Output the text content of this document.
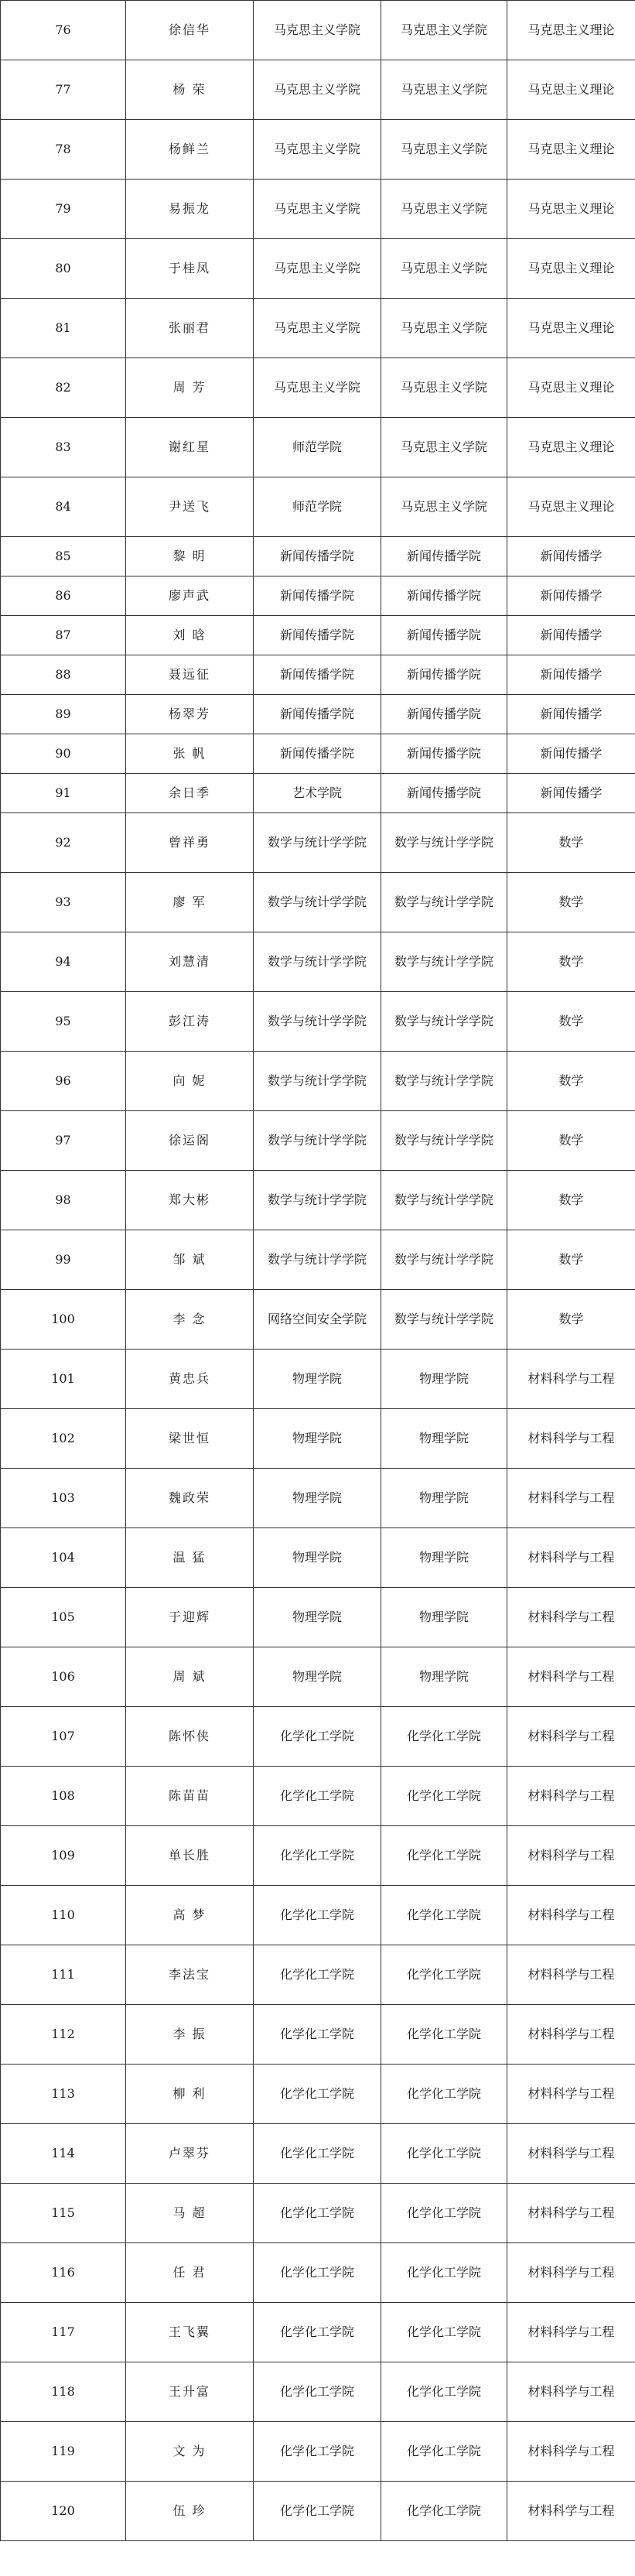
76	徐信华	马克思主义学院	马克思主义学院	马克思主义理论
77	杨 荣	马克思主义学院	马克思主义学院	马克思主义理论
78	杨鲜兰	马克思主义学院	马克思主义学院	马克思主义理论
79	易振龙	马克思主义学院	马克思主义学院	马克思主义理论
80	于桂凤	马克思主义学院	马克思主义学院	马克思主义理论
81	张丽君	马克思主义学院	马克思主义学院	马克思主义理论
82	周 芳	马克思主义学院	马克思主义学院	马克思主义理论
83	谢红星	师范学院	马克思主义学院	马克思主义理论
84	尹送飞	师范学院	马克思主义学院	马克思主义理论
85	黎 明	新闻传播学院	新闻传播学院	新闻传播学
86	廖声武	新闻传播学院	新闻传播学院	新闻传播学
87	刘 晗	新闻传播学院	新闻传播学院	新闻传播学
88	聂远征	新闻传播学院	新闻传播学院	新闻传播学
89	杨翠芳	新闻传播学院	新闻传播学院	新闻传播学
90	张 帆	新闻传播学院	新闻传播学院	新闻传播学
91	余日季	艺术学院	新闻传播学院	新闻传播学
92	曾祥勇	数学与统计学学院	数学与统计学学院	数学
93	廖 军	数学与统计学学院	数学与统计学学院	数学
94	刘慧清	数学与统计学学院	数学与统计学学院	数学
95	彭江涛	数学与统计学学院	数学与统计学学院	数学
96	向 妮	数学与统计学学院	数学与统计学学院	数学
97	徐运阁	数学与统计学学院	数学与统计学学院	数学
98	郑大彬	数学与统计学学院	数学与统计学学院	数学
99	邹 斌	数学与统计学学院	数学与统计学学院	数学
100	李 念	网络空间安全学院	数学与统计学学院	数学
101	黄忠兵	物理学院	物理学院	材料科学与工程
102	梁世恒	物理学院	物理学院	材料科学与工程
103	魏政荣	物理学院	物理学院	材料科学与工程
104	温 猛	物理学院	物理学院	材料科学与工程
105	于迎辉	物理学院	物理学院	材料科学与工程
106	周 斌	物理学院	物理学院	材料科学与工程
107	陈怀侠	化学化工学院	化学化工学院	材料科学与工程
108	陈苗苗	化学化工学院	化学化工学院	材料科学与工程
109	单长胜	化学化工学院	化学化工学院	材料科学与工程
110	高 梦	化学化工学院	化学化工学院	材料科学与工程
111	李法宝	化学化工学院	化学化工学院	材料科学与工程
112	李 振	化学化工学院	化学化工学院	材料科学与工程
113	柳 利	化学化工学院	化学化工学院	材料科学与工程
114	卢翠芬	化学化工学院	化学化工学院	材料科学与工程
115	马 超	化学化工学院	化学化工学院	材料科学与工程
116	任 君	化学化工学院	化学化工学院	材料科学与工程
117	王飞翼	化学化工学院	化学化工学院	材料科学与工程
118	王升富	化学化工学院	化学化工学院	材料科学与工程
119	文 为	化学化工学院	化学化工学院	材料科学与工程
120	伍 珍	化学化工学院	化学化工学院	材料科学与工程
